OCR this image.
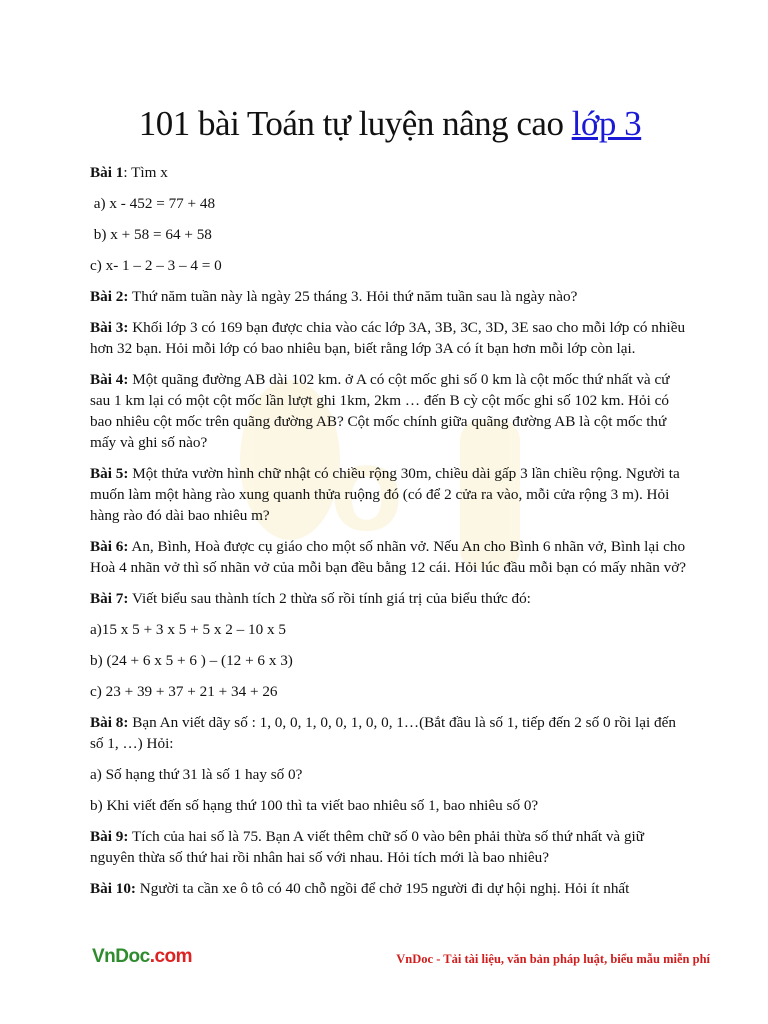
o
101 bài Toán tự luyện nâng cao lớp 3

Bài 1: Tìm x

a) x - 452 = 77 + 48

b) x + 58 = 64 + 58

c) x- 1 – 2 – 3 – 4 = 0

Bài 2: Thứ năm tuần này là ngày 25 tháng 3. Hỏi thứ năm tuần sau là ngày nào?

Bài 3: Khối lớp 3 có 169 bạn được chia vào các lớp 3A, 3B, 3C, 3D, 3E sao cho mỗi lớp có nhiều hơn 32 bạn. Hỏi mỗi lớp có bao nhiêu bạn, biết rằng lớp 3A có ít bạn hơn mỗi lớp còn lại.

Bài 4: Một quãng đường AB dài 102 km. ở A có cột mốc ghi số 0 km là cột mốc thứ nhất và cứ sau 1 km lại có một cột mốc lần lượt ghi 1km, 2km … đến B cỳ cột mốc ghi số 102 km. Hỏi có bao nhiêu cột mốc trên quãng đường AB? Cột mốc chính giữa quãng đường AB là cột mốc thứ mấy và ghi số nào?

Bài 5: Một thửa vườn hình chữ nhật có chiều rộng 30m, chiều dài gấp 3 lần chiều rộng. Người ta muốn làm một hàng rào xung quanh thửa ruộng đó (có để 2 cửa ra vào, mỗi cửa rộng 3 m). Hỏi hàng rào đó dài bao nhiêu m?

Bài 6: An, Bình, Hoà được cụ giáo cho một số nhãn vở. Nếu An cho Bình 6 nhãn vở, Bình lại cho Hoà 4 nhãn vở thì số nhãn vở của mỗi bạn đều bằng 12 cái. Hỏi lúc đầu mỗi bạn có mấy nhãn vở?

Bài 7: Viết biểu sau thành tích 2 thừa số rồi tính giá trị của biểu thức đó:

a)15 x 5 + 3 x 5 + 5 x 2 – 10 x 5

b) (24 + 6 x 5 + 6 ) – (12 + 6 x 3)

c) 23 + 39 + 37 + 21 + 34 + 26

Bài 8: Bạn An viết dãy số : 1, 0, 0, 1, 0, 0, 1, 0, 0, 1…(Bắt đầu là số 1, tiếp đến 2 số 0 rồi lại đến số 1, …) Hỏi:

a) Số hạng thứ 31 là số 1 hay số 0?

b) Khi viết đến số hạng thứ 100 thì ta viết bao nhiêu số 1, bao nhiêu số 0?

Bài 9: Tích của hai số là 75. Bạn A viết thêm chữ số 0 vào bên phải thừa số thứ nhất và giữ nguyên thừa số thứ hai rồi nhân hai số với nhau. Hỏi tích mới là bao nhiêu?

Bài 10: Người ta cần xe ô tô có 40 chỗ ngồi để chở 195 người đi dự hội nghị. Hỏi ít nhất

VnDoc.com	VnDoc - Tải tài liệu, văn bản pháp luật, biểu mẫu miễn phí
